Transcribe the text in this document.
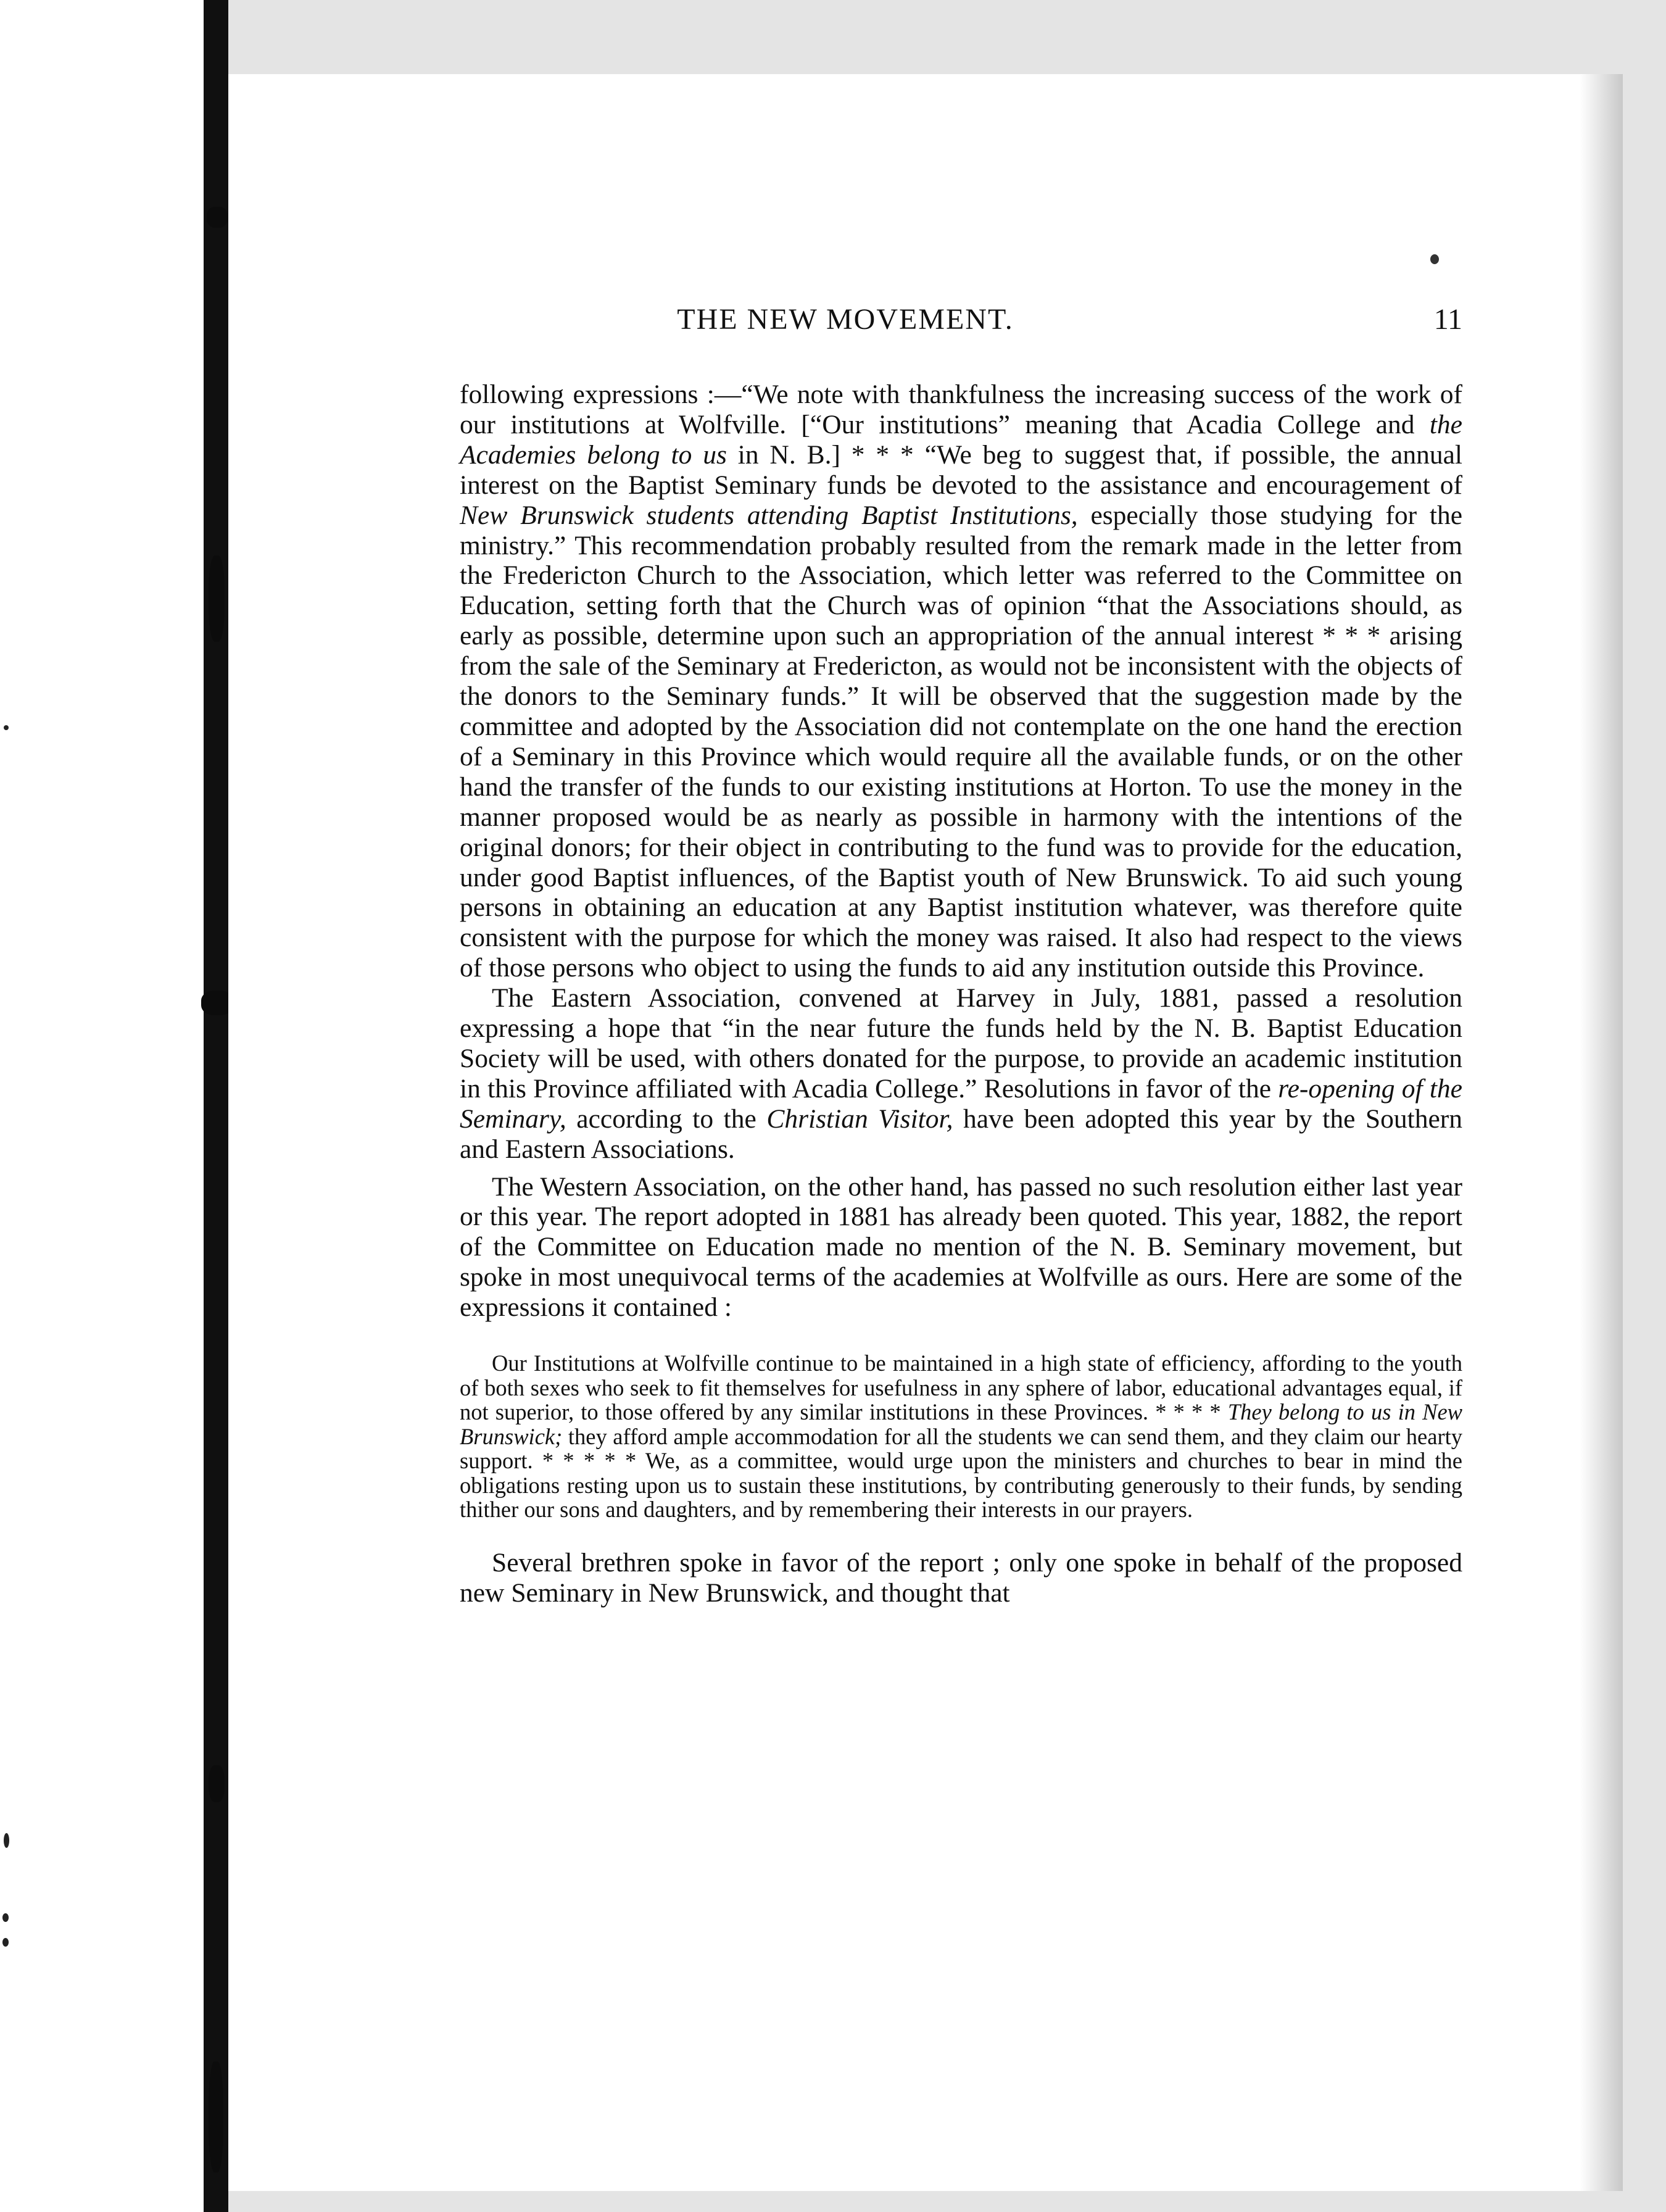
THE NEW MOVEMENT.	11

following expressions :—“We note with thankfulness the increasing success of the work of our institutions at Wolfville. [“Our institutions” meaning that Acadia College and the Academies belong to us in N. B.] * * * “We beg to suggest that, if possible, the annual interest on the Baptist Seminary funds be devoted to the assistance and encouragement of New Brunswick students attending Baptist Institutions, especially those studying for the ministry.” This recommendation probably resulted from the remark made in the letter from the Fredericton Church to the Association, which letter was referred to the Committee on Education, setting forth that the Church was of opinion “that the Associations should, as early as possible, determine upon such an appropriation of the annual interest * * * arising from the sale of the Seminary at Fredericton, as would not be inconsistent with the objects of the donors to the Seminary funds.” It will be observed that the suggestion made by the committee and adopted by the Association did not contemplate on the one hand the erection of a Seminary in this Province which would require all the available funds, or on the other hand the transfer of the funds to our existing institutions at Horton. To use the money in the manner proposed would be as nearly as possible in harmony with the intentions of the original donors; for their object in contributing to the fund was to provide for the education, under good Baptist influences, of the Baptist youth of New Brunswick. To aid such young persons in obtaining an education at any Baptist institution whatever, was therefore quite consistent with the purpose for which the money was raised. It also had respect to the views of those persons who object to using the funds to aid any institution outside this Province.

The Eastern Association, convened at Harvey in July, 1881, passed a resolution expressing a hope that “in the near future the funds held by the N. B. Baptist Education Society will be used, with others donated for the purpose, to provide an academic institution in this Province affiliated with Acadia College.” Resolutions in favor of the re-opening of the Seminary, according to the Christian Visitor, have been adopted this year by the Southern and Eastern Associations.

The Western Association, on the other hand, has passed no such resolution either last year or this year. The report adopted in 1881 has already been quoted. This year, 1882, the report of the Committee on Education made no mention of the N. B. Seminary movement, but spoke in most unequivocal terms of the academies at Wolfville as ours. Here are some of the expressions it contained :

Our Institutions at Wolfville continue to be maintained in a high state of efficiency, affording to the youth of both sexes who seek to fit themselves for usefulness in any sphere of labor, educational advantages equal, if not superior, to those offered by any similar institutions in these Provinces. * * * * They belong to us in New Brunswick; they afford ample accommodation for all the students we can send them, and they claim our hearty support. * * * * * We, as a committee, would urge upon the ministers and churches to bear in mind the obligations resting upon us to sustain these institutions, by contributing generously to their funds, by sending thither our sons and daughters, and by remembering their interests in our prayers.

Several brethren spoke in favor of the report ; only one spoke in behalf of the proposed new Seminary in New Brunswick, and thought that
